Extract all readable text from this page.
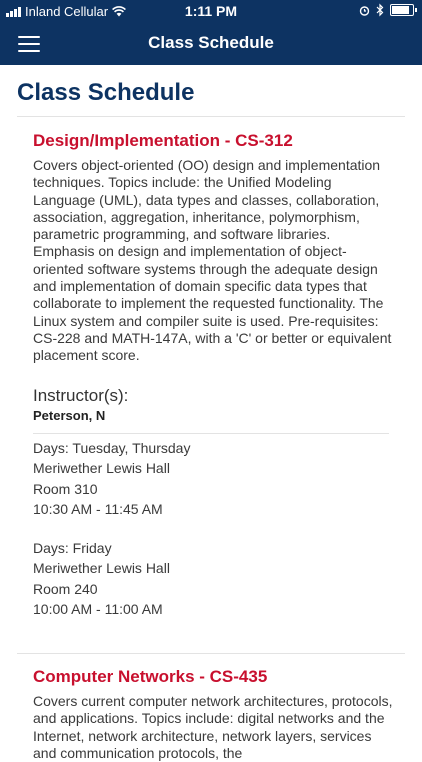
Inland Cellular	1:11 PM
Class Schedule
Class Schedule
Design/Implementation - CS-312

Covers object-oriented (OO) design and implementation techniques. Topics include: the Unified Modeling Language (UML), data types and classes, collaboration, association, aggregation, inheritance, polymorphism, parametric programming, and software libraries. Emphasis on design and implementation of object-oriented software systems through the adequate design and implementation of domain specific data types that collaborate to implement the requested functionality. The Linux system and compiler suite is used. Pre-requisites: CS-228 and MATH-147A, with a 'C' or better or equivalent placement score.

Instructor(s):

Peterson, N

Days: Tuesday, Thursday

Meriwether Lewis Hall

Room 310

10:30 AM - 11:45 AM

Days: Friday

Meriwether Lewis Hall

Room 240

10:00 AM - 11:00 AM

Computer Networks - CS-435

Covers current computer network architectures, protocols, and applications. Topics include: digital networks and the Internet, network architecture, network layers, services and communication protocols, the
